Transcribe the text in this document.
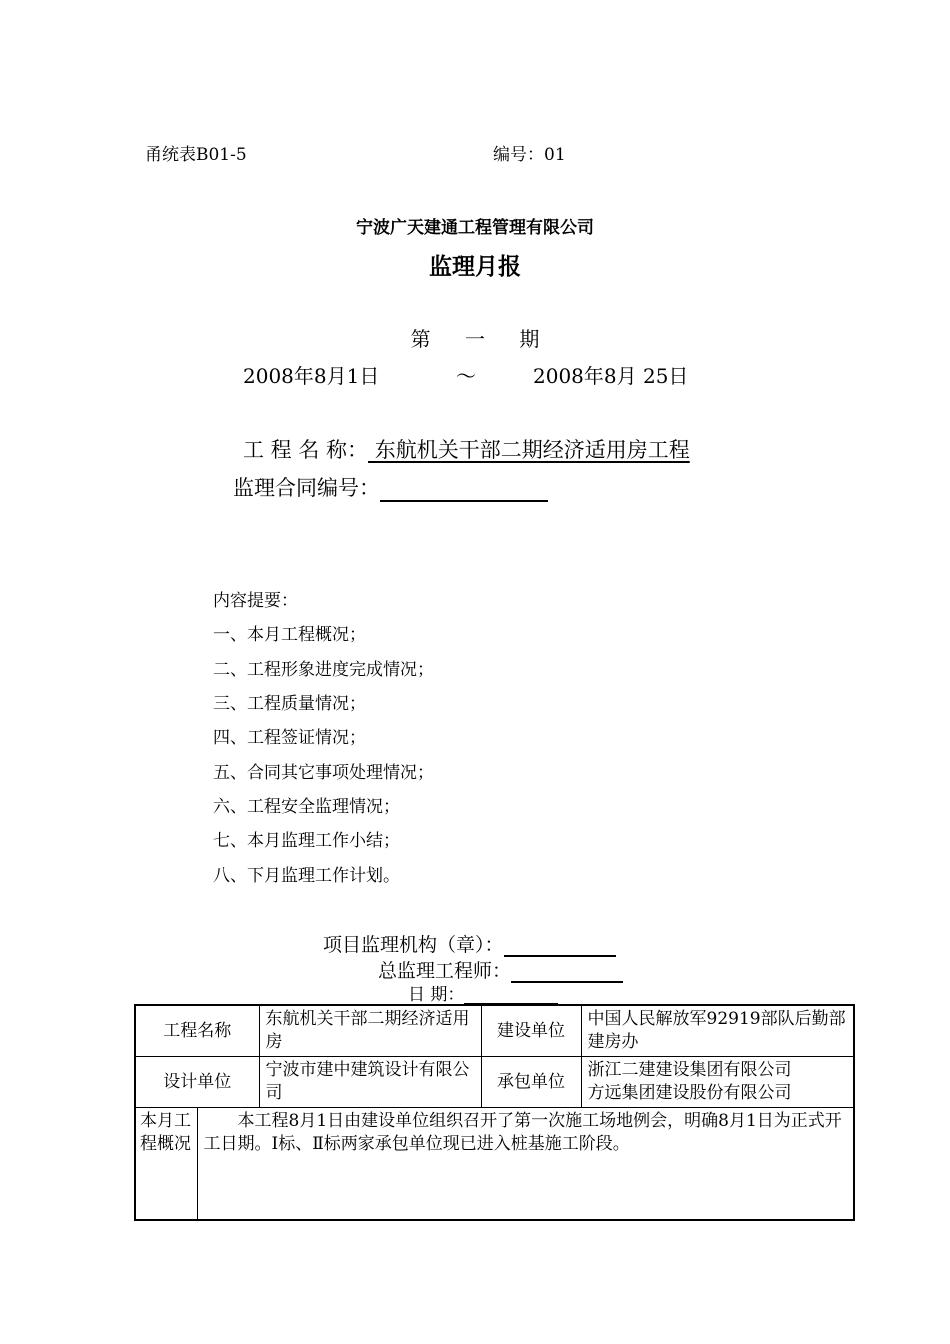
甬统表B01-5	编号：01
宁波广天建通工程管理有限公司
监理月报
第 一 期
2008年8月1日	～	2008年8月 25日
工 程 名 称： 东航机关干部二期经济适用房工程
监理合同编号：
内容提要：
一、本月工程概况；
二、工程形象进度完成情况；
三、工程质量情况；
四、工程签证情况；
五、合同其它事项处理情况；
六、工程安全监理情况；
七、本月监理工作小结；
八、下月监理工作计划。
项目监理机构（章）：
总监理工程师：
日 期：
工程名称		东航机关干部二期经济适用房	建设单位	中国人民解放军92919部队后勤部建房办
设计单位		宁波市建中建筑设计有限公司	承包单位	浙江二建建设集团有限公司
方远集团建设股份有限公司

本月工程概况	本工程8月1日由建设单位组织召开了第一次施工场地例会，明确8月1日为正式开工日期。Ⅰ标、Ⅱ标两家承包单位现已进入桩基施工阶段。			
